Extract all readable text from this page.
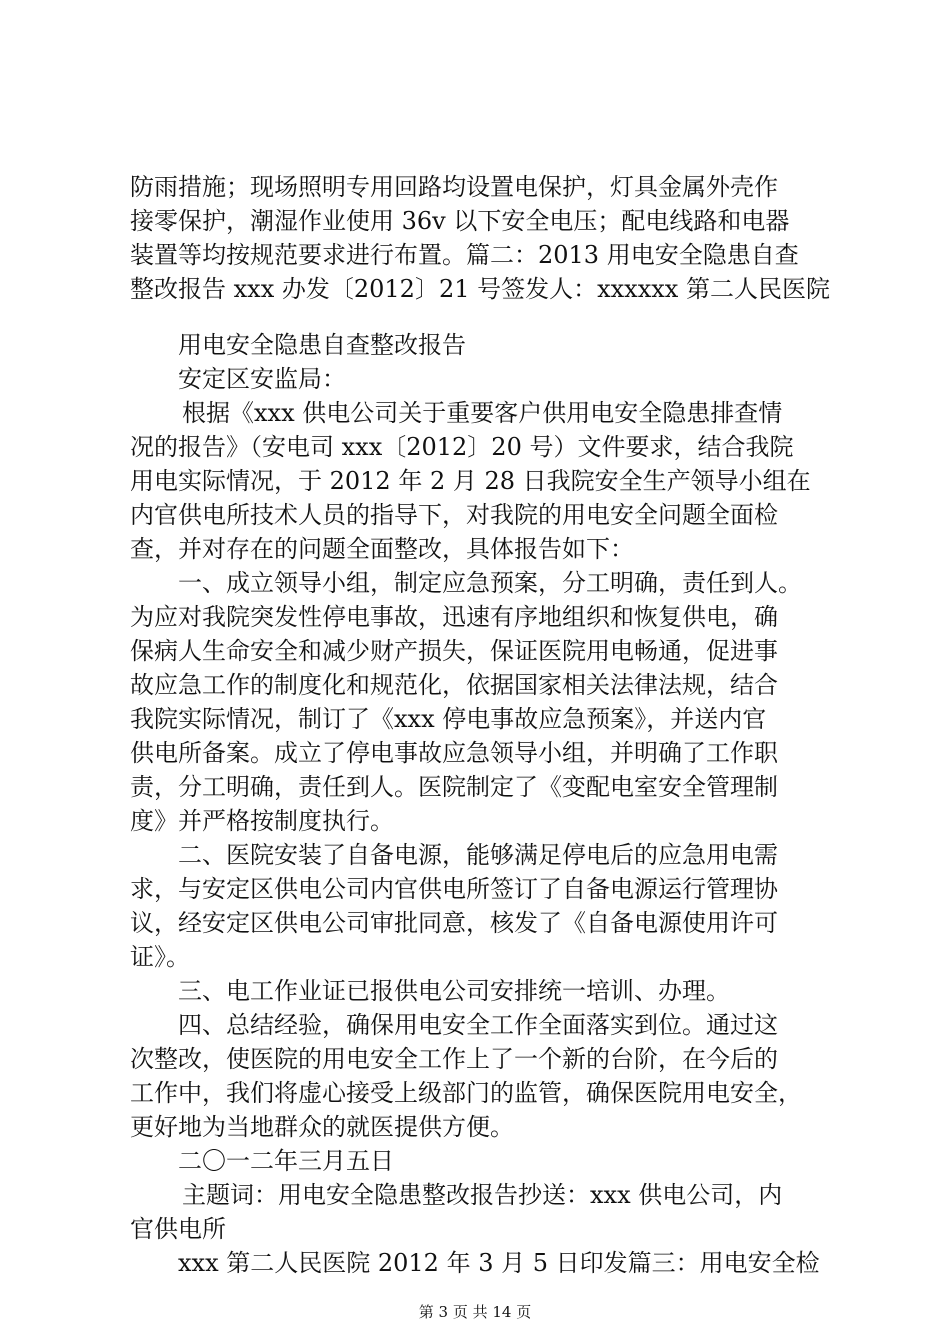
防雨措施；现场照明专用回路均设置电保护，灯具金属外壳作
接零保护，潮湿作业使用 36v 以下安全电压；配电线路和电器
装置等均按规范要求进行布置。篇二：2013 用电安全隐患自查
整改报告 xxx 办发〔2012〕21 号签发人：xxxxxx 第二人民医院
用电安全隐患自查整改报告
安定区安监局：
根据《xxx 供电公司关于重要客户供用电安全隐患排查情
况的报告》（安电司 xxx〔2012〕20 号）文件要求，结合我院
用电实际情况，于 2012 年 2 月 28 日我院安全生产领导小组在
内官供电所技术人员的指导下，对我院的用电安全问题全面检
查，并对存在的问题全面整改，具体报告如下：
一、成立领导小组，制定应急预案，分工明确，责任到人。
为应对我院突发性停电事故，迅速有序地组织和恢复供电，确
保病人生命安全和减少财产损失，保证医院用电畅通，促进事
故应急工作的制度化和规范化，依据国家相关法律法规，结合
我院实际情况，制订了《xxx 停电事故应急预案》，并送内官
供电所备案。成立了停电事故应急领导小组，并明确了工作职
责，分工明确，责任到人。医院制定了《变配电室安全管理制
度》并严格按制度执行。
二、医院安装了自备电源，能够满足停电后的应急用电需
求，与安定区供电公司内官供电所签订了自备电源运行管理协
议，经安定区供电公司审批同意，核发了《自备电源使用许可
证》。
三、电工作业证已报供电公司安排统一培训、办理。
四、总结经验，确保用电安全工作全面落实到位。通过这
次整改，使医院的用电安全工作上了一个新的台阶，在今后的
工作中，我们将虚心接受上级部门的监管，确保医院用电安全，
更好地为当地群众的就医提供方便。
二〇一二年三月五日
主题词：用电安全隐患整改报告抄送：xxx 供电公司，内
官供电所
xxx 第二人民医院 2012 年 3 月 5 日印发篇三：用电安全检
第 3 页 共 14 页
